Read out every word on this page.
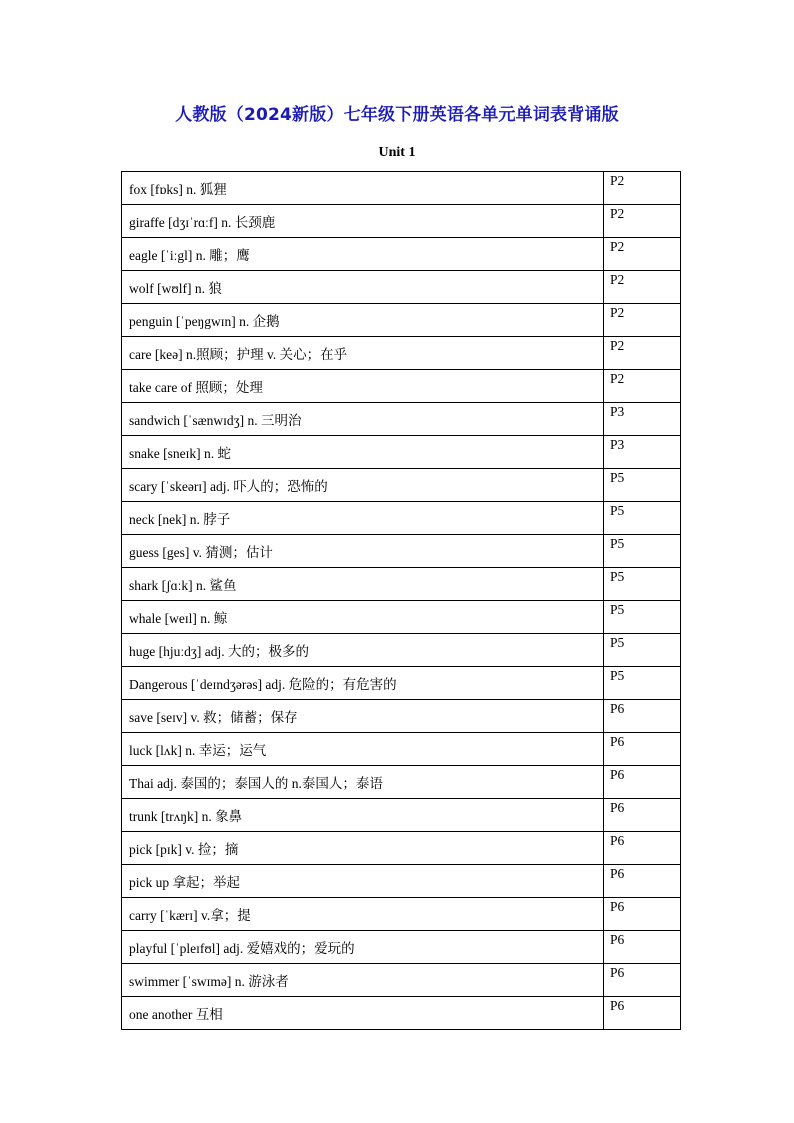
人教版（2024新版）七年级下册英语各单元单词表背诵版
Unit 1
fox [fɒks] n. 狐狸	P2
giraffe [dʒɪˈrɑːf] n. 长颈鹿	P2
eagle [ˈiːgl] n. 雕；鹰	P2
wolf [wʊlf] n. 狼	P2
penguin [ˈpeŋgwɪn] n. 企鹅	P2
care [keə] n.照顾；护理 v. 关心；在乎	P2
take care of 照顾；处理	P2
sandwich [ˈsænwɪdʒ] n. 三明治	P3
snake [sneɪk] n. 蛇	P3
scary [ˈskeərɪ] adj. 吓人的；恐怖的	P5
neck [nek] n. 脖子	P5
guess [ges] v. 猜测；估计	P5
shark [ʃɑːk] n. 鲨鱼	P5
whale [weɪl] n. 鲸	P5
huge [hjuːdʒ] adj. 大的；极多的	P5
Dangerous [ˈdeɪndʒərəs] adj. 危险的；有危害的	P5
save [seɪv] v. 救；储蓄；保存	P6
luck [lʌk] n. 幸运；运气	P6
Thai adj. 泰国的；泰国人的 n.泰国人；泰语	P6
trunk [trʌŋk] n. 象鼻	P6
pick [pɪk] v. 捡；摘	P6
pick up 拿起；举起	P6
carry [ˈkærɪ] v.拿；提	P6
playful [ˈpleɪfʊl] adj. 爱嬉戏的；爱玩的	P6
swimmer [ˈswɪmə] n. 游泳者	P6
one another 互相	P6
